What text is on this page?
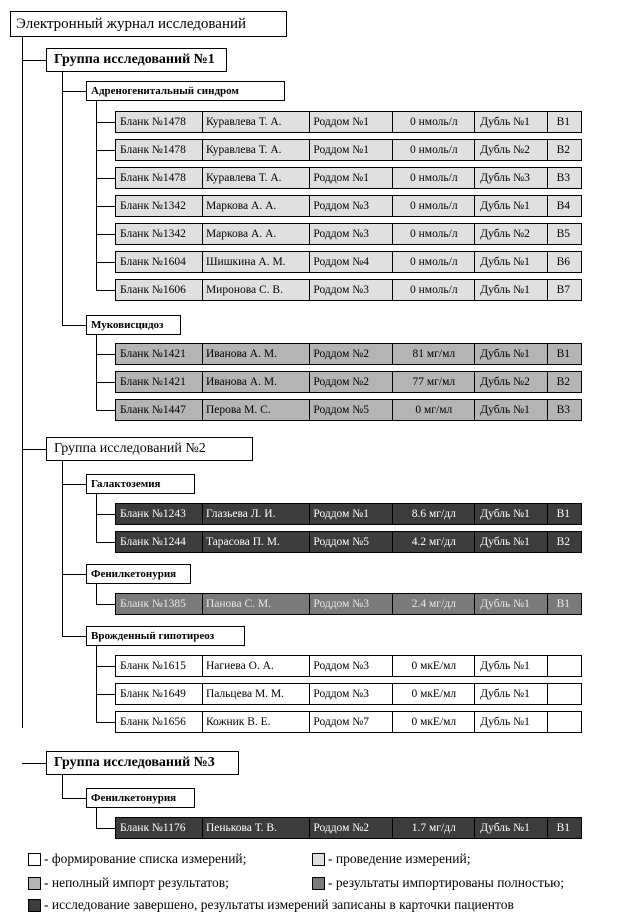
Электронный журнал исследований
Группа исследований №1
Адреногенитальный синдром
Бланк №1478	Куравлева Т. А.	Роддом №1	0 нмоль/л	Дубль №1	B1
Бланк №1478	Куравлева Т. А.	Роддом №1	0 нмоль/л	Дубль №2	B2
Бланк №1478	Куравлева Т. А.	Роддом №1	0 нмоль/л	Дубль №3	B3
Бланк №1342	Маркова А. А.	Роддом №3	0 нмоль/л	Дубль №1	B4
Бланк №1342	Маркова А. А.	Роддом №3	0 нмоль/л	Дубль №2	B5
Бланк №1604	Шишкина А. М.	Роддом №4	0 нмоль/л	Дубль №1	B6
Бланк №1606	Миронова С. В.	Роддом №3	0 нмоль/л	Дубль №1	B7
Муковисцидоз
Бланк №1421	Иванова А. М.	Роддом №2	81 мг/мл	Дубль №1	B1
Бланк №1421	Иванова А. М.	Роддом №2	77 мг/мл	Дубль №2	B2
Бланк №1447	Перова М. С.	Роддом №5	0 мг/мл	Дубль №1	B3
Группа исследований №2
Галактоземия
Бланк №1243	Глазьева Л. И.	Роддом №1	8.6 мг/дл	Дубль №1	B1
Бланк №1244	Тарасова П. М.	Роддом №5	4.2 мг/дл	Дубль №1	B2
Фенилкетонурия
Бланк №1385	Панова С. М.	Роддом №3	2.4 мг/дл	Дубль №1	B1
Врожденный гипотиреоз
Бланк №1615	Нагиева О. А.	Роддом №3	0 мкЕ/мл	Дубль №1
Бланк №1649	Пальцева М. М.	Роддом №3	0 мкЕ/мл	Дубль №1
Бланк №1656	Кожник В. Е.	Роддом №7	0 мкЕ/мл	Дубль №1
Группа исследований №3
Фенилкетонурия
Бланк №1176	Пенькова Т. В.	Роддом №2	1.7 мг/дл	Дубль №1	B1
- формирование списка измерений;	- проведение измерений;
- неполный импорт результатов;	- результаты импортированы полностью;
- исследование завершено, результаты измерений записаны в карточки пациентов
